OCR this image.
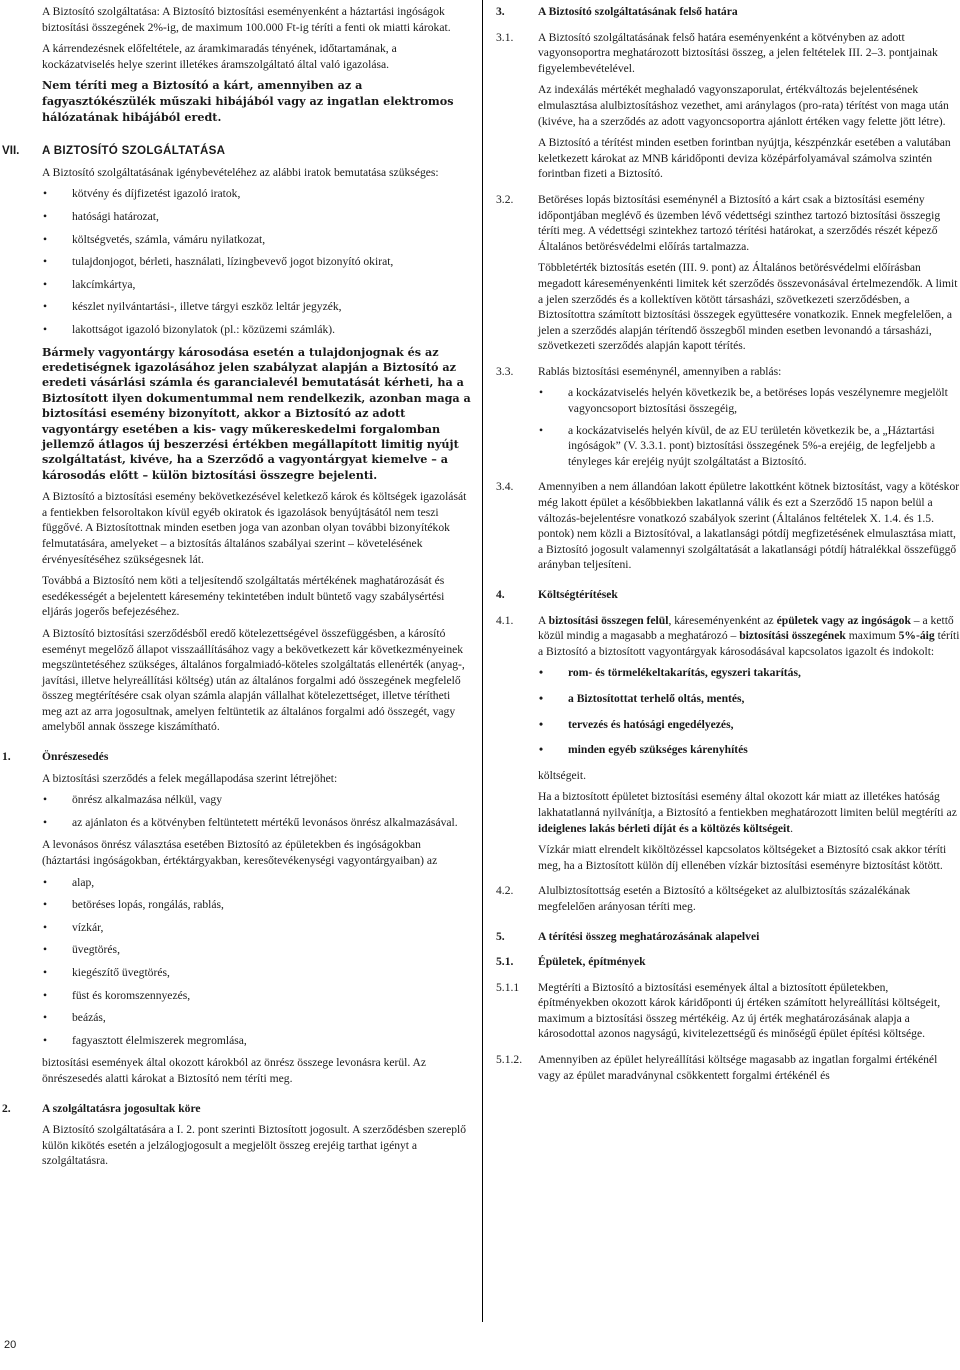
A Biztosító szolgáltatása: A Biztosító biztosítási eseményenként a háztartási ingóságok biztosítási összegének 2%-ig, de maximum 100.000 Ft-ig téríti a fenti ok miatti károkat.

A kárrendezésnek előfeltétele, az áramkimaradás tényének, időtartamának, a kockázatviselés helye szerint illetékes áramszolgáltató által való igazolása.

Nem téríti meg a Biztosító a kárt, amennyiben az a fagyasztókészülék műszaki hibájából vagy az ingatlan elektromos hálózatának hibájából eredt.

VII. A BIZTOSÍTÓ SZOLGÁLTATÁSA

A Biztosító szolgáltatásának igénybevételéhez az alábbi iratok bemutatása szükséges:

• kötvény és díjfizetést igazoló iratok,
• hatósági határozat,
• költségvetés, számla, vámáru nyilatkozat,
• tulajdonjogot, bérleti, használati, lízingbevevő jogot bizonyító okirat,
• lakcímkártya,
• készlet nyilvántartási-, illetve tárgyi eszköz leltár jegyzék,
• lakottságot igazoló bizonylatok (pl.: közüzemi számlák).

Bármely vagyontárgy károsodása esetén a tulajdonjognak és az eredetiségnek igazolásához jelen szabályzat alapján a Biztosító az eredeti vásárlási számla és garancialevél bemutatását kérheti, ha a Biztosított ilyen dokumentummal nem rendelkezik, azonban maga a biztosítási esemény bizonyított, akkor a Biztosító az adott vagyontárgy esetében a kis- vagy műkereskedelmi forgalomban jellemző átlagos új beszerzési értékben megállapított limitig nyújt szolgáltatást, kivéve, ha a Szerződő a vagyontárgyat kiemelve – a károsodás előtt – külön biztosítási összegre bejelenti.

A Biztosító a biztosítási esemény bekövetkezésével keletkező károk és költségek igazolását a fentiekben felsoroltakon kívül egyéb okiratok és igazolások benyújtásától nem teszi függővé. A Biztosítottnak minden esetben joga van azonban olyan további bizonyítékok felmutatására, amelyeket – a biztosítás általános szabályai szerint – követelésének érvényesítéséhez szükségesnek lát.

Továbbá a Biztosító nem köti a teljesítendő szolgáltatás mértékének maghatározását és esedékességét a bejelentett káresemény tekintetében indult büntető vagy szabálysértési eljárás jogerős befejezéséhez.

A Biztosító biztosítási szerződésből eredő kötelezettségével összefüggésben, a károsító eseményt megelőző állapot visszaállításához vagy a bekövetkezett kár következményeinek megszüntetéséhez szükséges, általános forgalmiadó-köteles szolgáltatás ellenérték (anyag-, javítási, illetve helyreállítási költség) után az általános forgalmi adó összegének megfelelő összeg megtérítésére csak olyan számla alapján vállalhat kötelezettséget, illetve térítheti meg azt az arra jogosultnak, amelyen feltüntetik az általános forgalmi adó összegét, vagy amelyből annak összege kiszámítható.

1.	Önrészesedés

A biztosítási szerződés a felek megállapodása szerint létrejöhet:

• önrész alkalmazása nélkül, vagy
• az ajánlaton és a kötvényben feltüntetett mértékű levonásos önrész alkalmazásával.

A levonásos önrész választása esetében Biztosító az épületekben és ingóságokban (háztartási ingóságokban, értéktárgyakban, keresőtevékenységi vagyontárgyaiban) az

• alap,
• betöréses lopás, rongálás, rablás,
• vízkár,
• üvegtörés,
• kiegészítő üvegtörés,
• füst és koromszennyezés,
• beázás,
• fagyasztott élelmiszerek megromlása,

biztosítási események által okozott károkból az önrész összege levonásra kerül. Az önrészesedés alatti károkat a Biztosító nem téríti meg.

2.	A szolgáltatásra jogosultak köre

A Biztosító szolgáltatására a I. 2. pont szerinti Biztosított jogosult. A szerződésben szereplő külön kikötés esetén a jelzálogjogosult a megjelölt összeg erejéig tarthat igényt a szolgáltatásra.

3.	A Biztosító szolgáltatásának felső határa
3.1. A Biztosító szolgáltatásának felső határa eseményenként a kötvényben az adott vagyonsoportra meghatározott biztosítási összeg, a jelen feltételek III. 2–3. pontjainak figyelembevételével.

Az indexálás mértékét meghaladó vagyonszaporulat, értékváltozás bejelentésének elmulasztása alulbiztosításhoz vezethet, ami aránylagos (pro-rata) térítést von maga után (kivéve, ha a szerződés az adott vagyoncsoportra ajánlott értéken vagy felette jött létre).

A Biztosító a térítést minden esetben forintban nyújtja, készpénzkár esetében a valutában keletkezett károkat az MNB káridőponti deviza középárfolyamával számolva szintén forintban fizeti a Biztosító.

3.2. Betöréses lopás biztosítási eseménynél a Biztosító a kárt csak a biztosítási esemény időpontjában meglévő és üzemben lévő védettségi szinthez tartozó biztosítási összegig téríti meg. A védettségi szintekhez tartozó térítési határokat, a szerződés részét képező Általános betörésvédelmi előírás tartalmazza.

Többletérték biztosítás esetén (III. 9. pont) az Általános betörésvédelmi előírásban megadott káreseményenkénti limitek két szerződés összevonásával értelmezendők. A limit a jelen szerződés és a kollektíven kötött társasházi, szövetkezeti szerződésben, a Biztosítottra számított biztosítási összegek együttesére vonatkozik. Ennek megfelelően, a jelen a szerződés alapján térítendő összegből minden esetben levonandó a társasházi, szövetkezeti szerződés alapján kapott térítés.

3.3. Rablás biztosítási eseménynél, amennyiben a rablás:

• a kockázatviselés helyén következik be, a betöréses lopás veszélynemre megjelölt vagyoncsoport biztosítási összegéig,
• a kockázatviselés helyén kívül, de az EU területén következik be, a „Háztartási ingóságok” (V. 3.3.1. pont) biztosítási összegének 5%-a erejéig, de legfeljebb a tényleges kár erejéig nyújt szolgáltatást a Biztosító.
3.4. Amennyiben a nem állandóan lakott épületre lakottként kötnek biztosítást, vagy a kötéskor még lakott épület a későbbiekben lakatlanná válik és ezt a Szerződő 15 napon belül a változás-bejelentésre vonatkozó szabályok szerint (Általános feltételek X. 1.4. és 1.5. pontok) nem közli a Biztosítóval, a lakatlansági pótdíj megfizetésének elmulasztása miatt, a Biztosító jogosult valamennyi szolgáltatását a lakatlansági pótdíj hátralékkal összefüggő arányban teljesíteni.

4.	Költségtérítések
4.1. A biztosítási összegen felül, káreseményenként az épületek vagy az ingóságok – a kettő közül mindig a magasabb a meghatározó – biztosítási összegének maximum 5%-áig téríti a Biztosító a biztosított vagyontárgyak károsodásával kapcsolatos igazolt és indokolt:

• rom- és törmelékeltakarítás, egyszeri takarítás,
• a Biztosítottat terhelő oltás, mentés,
• tervezés és hatósági engedélyezés,
• minden egyéb szükséges kárenyhítés

költségeit.

Ha a biztosított épületet biztosítási esemény által okozott kár miatt az illetékes hatóság lakhatatlanná nyilvánítja, a Biztosító a fentiekben meghatározott limiten belül megtéríti az ideiglenes lakás bérleti díját és a költözés költségeit.

Vízkár miatt elrendelt kiköltözéssel kapcsolatos költségeket a Biztosító csak akkor téríti meg, ha a Biztosított külön díj ellenében vízkár biztosítási eseményre biztosítást kötött.

4.2. Alulbiztosítottság esetén a Biztosító a költségeket az alulbiztosítás százalékának megfelelően arányosan téríti meg.

5.	A térítési összeg meghatározásának alapelvei
5.1. Épületek, építmények
5.1.1 Megtéríti a Biztosító a biztosítási események által a biztosított épületekben, építményekben okozott károk káridőponti új értéken számított helyreállítási költségeit, maximum a biztosítási összeg mértékéig. Az új érték meghatározásának alapja a károsodottal azonos nagyságú, kivitelezettségű és minőségű épület építési költsége.

5.1.2. Amennyiben az épület helyreállítási költsége magasabb az ingatlan forgalmi értékénél vagy az épület maradványnal csökkentett forgalmi értékénél és

20
